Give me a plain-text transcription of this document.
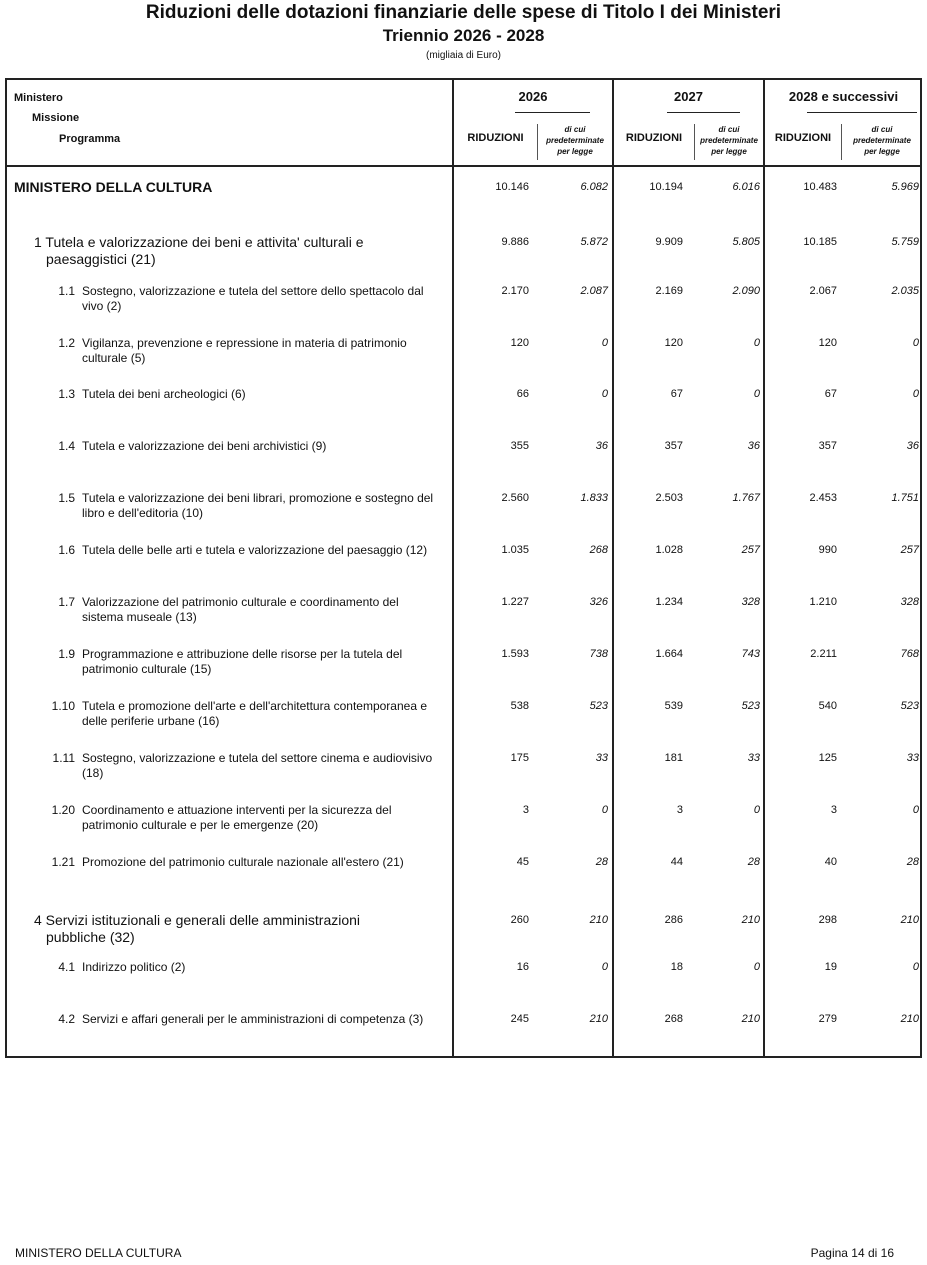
Riduzioni delle dotazioni finanziarie delle spese di Titolo I dei Ministeri
Triennio 2026 - 2028
(migliaia di Euro)
Ministero
Missione
Programma
2026	2027	2028 e successivi
RIDUZIONI	RIDUZIONI	RIDUZIONI
di cui
predeterminate
per legge
di cui
predeterminate
per legge
di cui
predeterminate
per legge
MINISTERO DELLA CULTURA	10.146	6.082	10.194	6.016	10.483	5.969
1 Tutela e valorizzazione dei beni e attivita' culturali e paesaggistici (21)
9.886	5.872	9.909	5.805	10.185	5.759
1.1 Sostegno, valorizzazione e tutela del settore dello spettacolo dal vivo (2)
2.170	2.087	2.169	2.090	2.067	2.035
1.2 Vigilanza, prevenzione e repressione in materia di patrimonio culturale (5)
120	0	120	0	120	0
1.3 Tutela dei beni archeologici (6)	66	0	67	0	67	0
1.4 Tutela e valorizzazione dei beni archivistici (9)	355	36	357	36	357	36
1.5 Tutela e valorizzazione dei beni librari, promozione e sostegno del libro e dell'editoria (10)
2.560	1.833	2.503	1.767	2.453	1.751
1.6 Tutela delle belle arti e tutela e valorizzazione del paesaggio (12)	1.035	268	1.028	257	990	257
1.7 Valorizzazione del patrimonio culturale e coordinamento del sistema museale (13)
1.227	326	1.234	328	1.210	328
1.9 Programmazione e attribuzione delle risorse per la tutela del patrimonio culturale (15)
1.593	738	1.664	743	2.211	768
1.10 Tutela e promozione dell'arte e dell'architettura contemporanea e delle periferie urbane (16)
538	523	539	523	540	523
1.11 Sostegno, valorizzazione e tutela del settore cinema e audiovisivo (18)
175	33	181	33	125	33
1.20 Coordinamento e attuazione interventi per la sicurezza del patrimonio culturale e per le emergenze (20)
3	0	3	0	3	0
1.21 Promozione del patrimonio culturale nazionale all'estero (21)	45	28	44	28	40	28
4 Servizi istituzionali e generali delle amministrazioni pubbliche (32)
260	210	286	210	298	210
4.1 Indirizzo politico (2)	16	0	18	0	19	0
4.2 Servizi e affari generali per le amministrazioni di competenza (3)	245	210	268	210	279	210
MINISTERO DELLA CULTURA	Pagina 14 di 16
